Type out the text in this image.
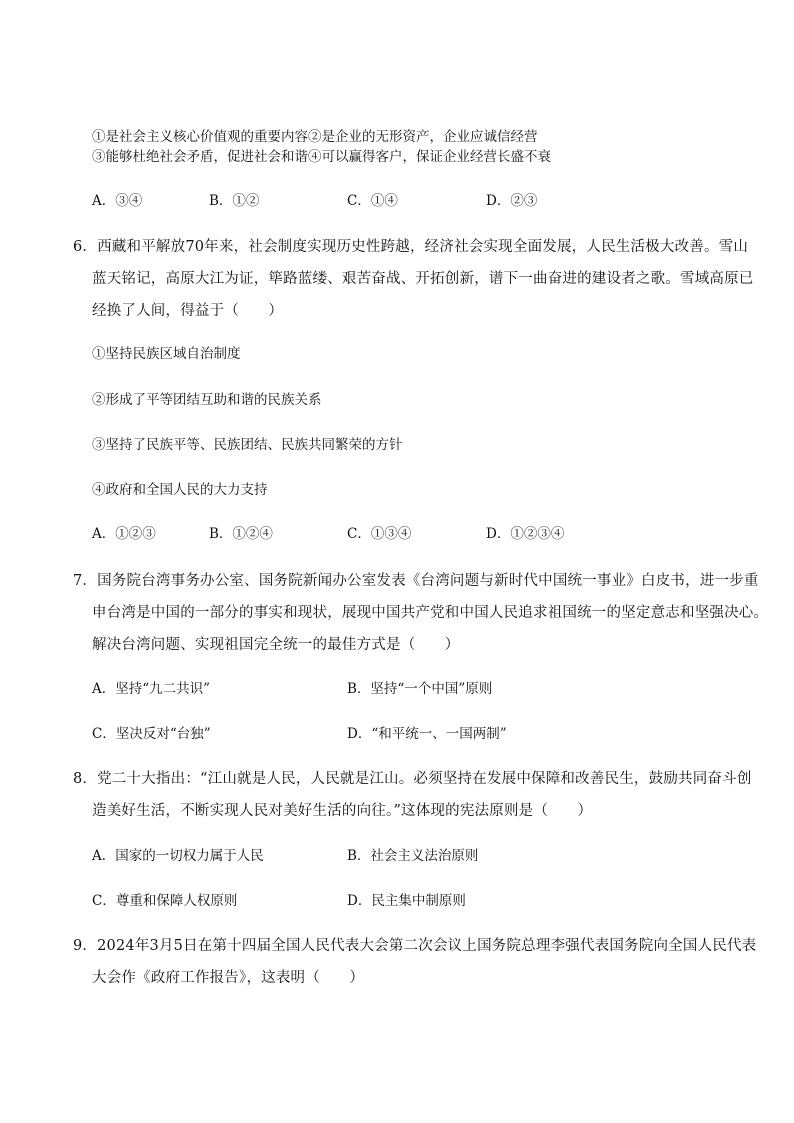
①是社会主义核心价值观的重要内容②是企业的无形资产，企业应诚信经营
③能够杜绝社会矛盾，促进社会和谐④可以赢得客户，保证企业经营长盛不衰
A．③④	B．①②	C．①④	D．②③
6．西藏和平解放70年来，社会制度实现历史性跨越，经济社会实现全面发展，人民生活极大改善。雪山
蓝天铭记，高原大江为证，筚路蓝缕、艰苦奋战、开拓创新，谱下一曲奋进的建设者之歌。雪域高原已
经换了人间，得益于（　　）
①坚持民族区域自治制度
②形成了平等团结互助和谐的民族关系
③坚持了民族平等、民族团结、民族共同繁荣的方针
④政府和全国人民的大力支持
A．①②③	B．①②④	C．①③④	D．①②③④
7．国务院台湾事务办公室、国务院新闻办公室发表《台湾问题与新时代中国统一事业》白皮书，进一步重
申台湾是中国的一部分的事实和现状，展现中国共产党和中国人民追求祖国统一的坚定意志和坚强决心。
解决台湾问题、实现祖国完全统一的最佳方式是（　　）
A．坚持“九二共识”	B．坚持“一个中国”原则
C．坚决反对“台独”	D．“和平统一、一国两制”
8．党二十大指出：“江山就是人民，人民就是江山。必须坚持在发展中保障和改善民生，鼓励共同奋斗创
造美好生活，不断实现人民对美好生活的向往。”这体现的宪法原则是（　　）
A．国家的一切权力属于人民	B．社会主义法治原则
C．尊重和保障人权原则	D．民主集中制原则
9．2024年3月5日在第十四届全国人民代表大会第二次会议上国务院总理李强代表国务院向全国人民代表
大会作《政府工作报告》，这表明（　　）
